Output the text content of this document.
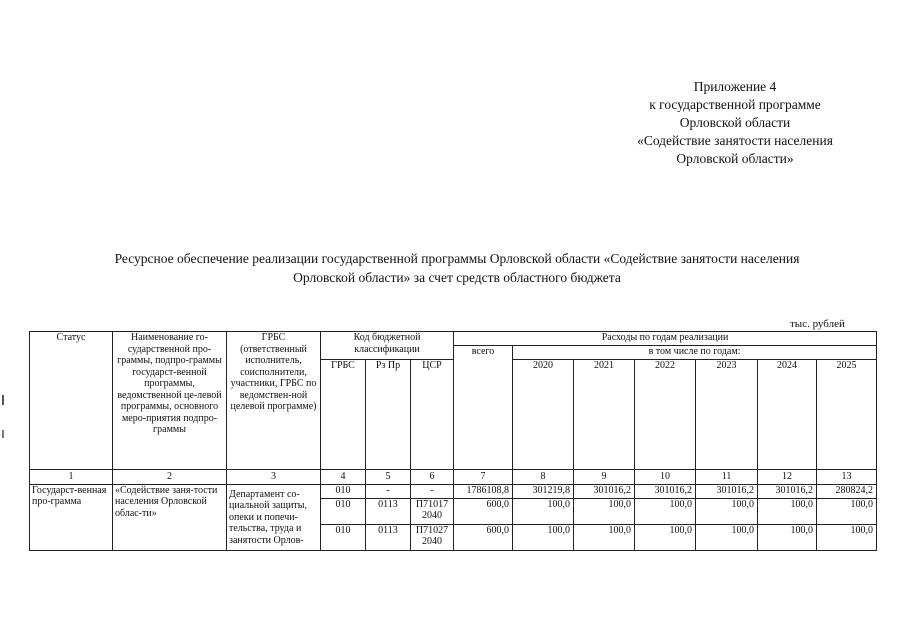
Приложение 4
к государственной программе
Орловской области
«Содействие занятости населения
Орловской области»
Ресурсное обеспечение реализации государственной программы Орловской области «Содействие занятости населения
Орловской области» за счет средств областного бюджета
тыс. рублей
Статус	Наименование го-сударственной про-граммы, подпро-граммы государст-венной программы, ведомственной це-левой программы, основного меро-приятия подпро-граммы	ГРБС (ответственный исполнитель, соисполнители, участники, ГРБС по ведомствен-ной целевой программе)	Код бюджетной классификации			Расходы по годам реализации						
						всего	в том числе по годам:					
			ГРБС	Рз Пр	ЦСР		2020	2021	2022	2023	2024	2025
1	2	3	4	5	6	7	8	9	10	11	12	13
Государст-венная про-грамма	«Содействие заня-тости населения Орловской облас-ти»	Департамент со-циальной защиты, опеки и попечи-тельства, труда и занятости Орлов-	010	-	-	1786108,8	301219,8	301016,2	301016,2	301016,2	301016,2	280824,2
			010	0113	П71017 2040	600,0	100,0	100,0	100,0	100,0	100,0	100,0
			010	0113	П71027 2040	600,0	100,0	100,0	100,0	100,0	100,0	100,0
